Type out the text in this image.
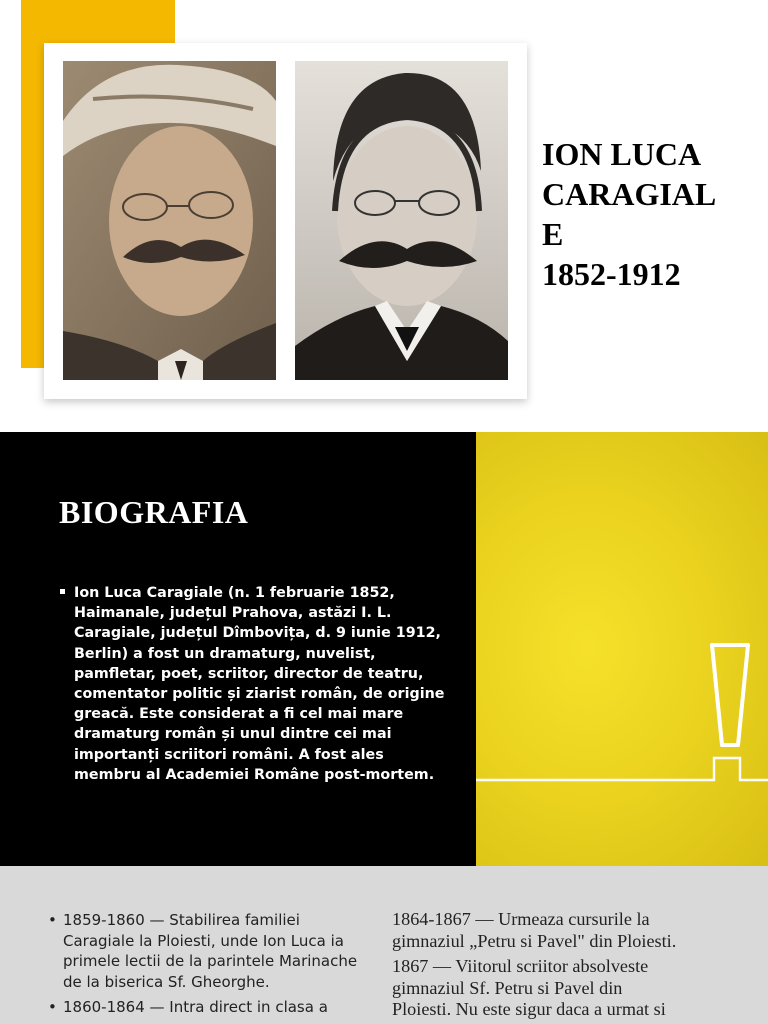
ION LUCA
CARAGIAL
E
1852-1912
BIOGRAFIA
Ion Luca Caragiale (n. 1 februarie 1852,
Haimanale, județul Prahova, astăzi I. L.
Caragiale, județul Dîmbovița, d. 9 iunie 1912,
Berlin) a fost un dramaturg, nuvelist,
pamfletar, poet, scriitor, director de teatru,
comentator politic și ziarist român, de origine
greacă. Este considerat a fi cel mai mare
dramaturg român și unul dintre cei mai
importanți scriitori români. A fost ales
membru al Academiei Române post-mortem.
• 1859-1860 — Stabilirea familiei
Caragiale la Ploiesti, unde Ion Luca ia
primele lectii de la parintele Marinache
de la biserica Sf. Gheorghe.
• 1860-1864 — Intra direct in clasa a

1864-1867 — Urmeaza cursurile la
gimnaziul „Petru si Pavel" din Ploiesti.

1867 — Viitorul scriitor absolveste
gimnaziul Sf. Petru si Pavel din
Ploiesti. Nu este sigur daca a urmat si
